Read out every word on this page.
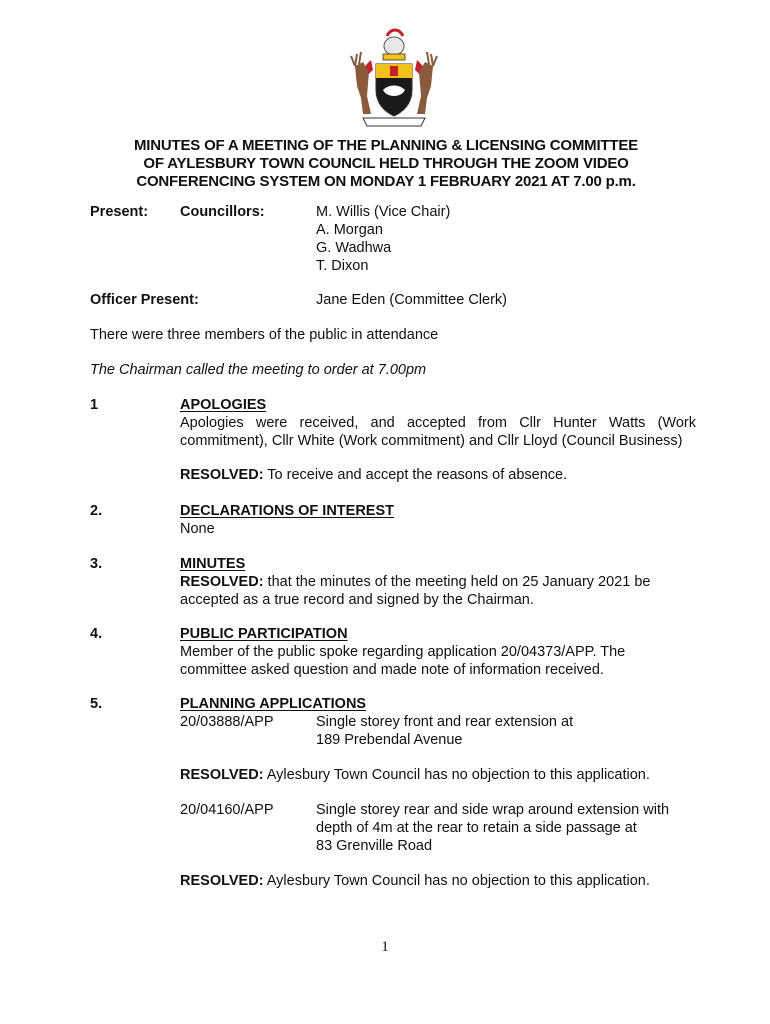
MINUTES OF A MEETING OF THE PLANNING & LICENSING COMMITTEE
OF AYLESBURY TOWN COUNCIL HELD THROUGH THE ZOOM VIDEO
CONFERENCING SYSTEM ON MONDAY 1 FEBRUARY 2021 AT 7.00 p.m.
Present: Councillors:	M. Willis (Vice Chair)
A. Morgan
G. Wadhwa
T. Dixon
Officer Present:	Jane Eden (Committee Clerk)
There were three members of the public in attendance
The Chairman called the meeting to order at 7.00pm
1	APOLOGIES
Apologies were received, and accepted from Cllr Hunter Watts (Work
commitment), Cllr White (Work commitment) and Cllr Lloyd (Council Business)
RESOLVED: To receive and accept the reasons of absence.
2.	DECLARATIONS OF INTEREST
None
3.	MINUTES
RESOLVED: that the minutes of the meeting held on 25 January 2021 be
accepted as a true record and signed by the Chairman.
4.	PUBLIC PARTICIPATION
Member of the public spoke regarding application 20/04373/APP. The
committee asked question and made note of information received.
5.	PLANNING APPLICATIONS
20/03888/APP	Single storey front and rear extension at
189 Prebendal Avenue
RESOLVED: Aylesbury Town Council has no objection to this application.
20/04160/APP	Single storey rear and side wrap around extension with
depth of 4m at the rear to retain a side passage at
83 Grenville Road
RESOLVED: Aylesbury Town Council has no objection to this application.
1
